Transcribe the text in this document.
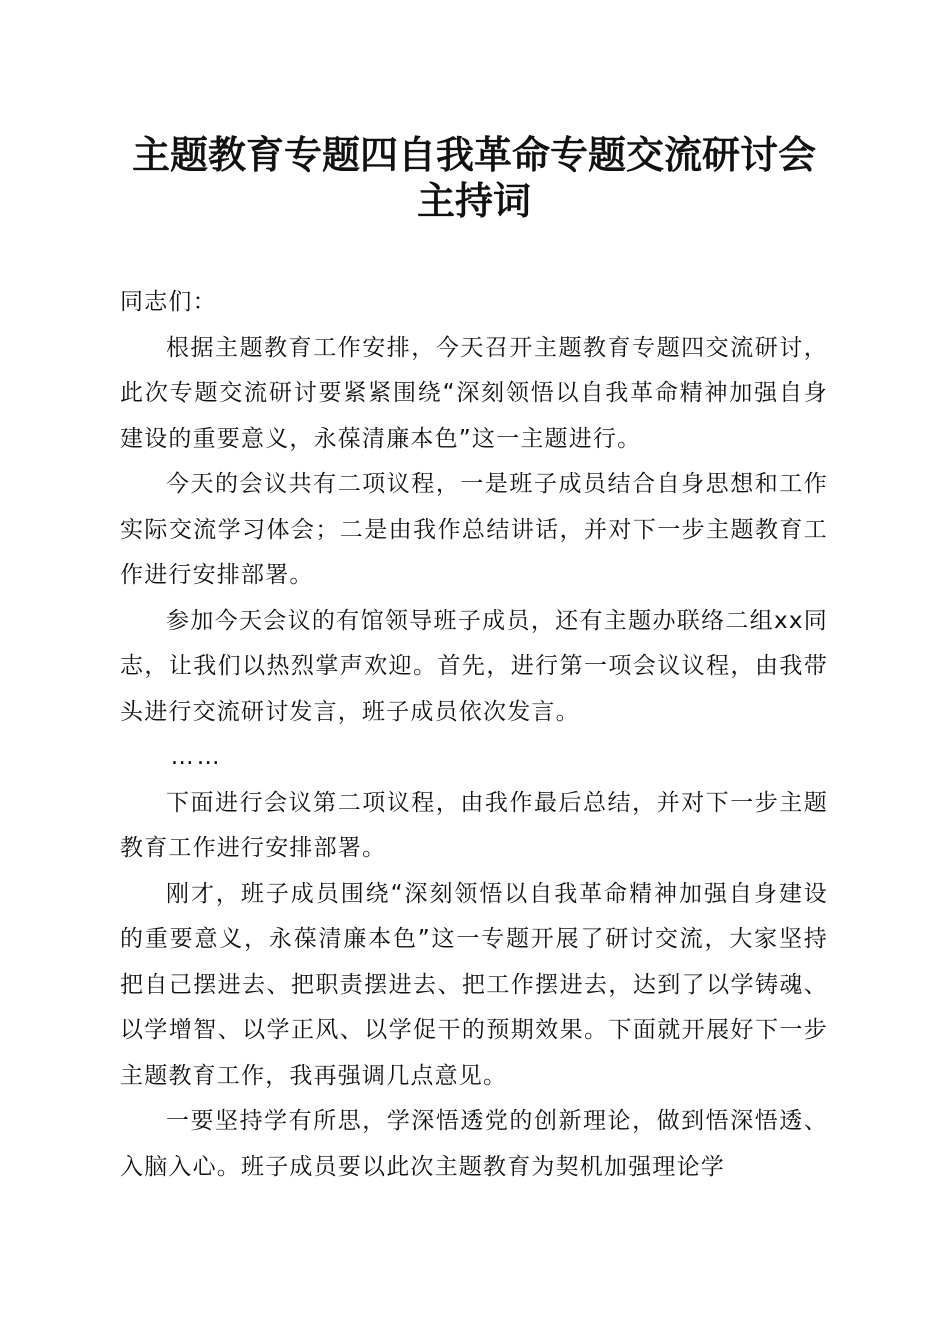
主题教育专题四自我革命专题交流研讨会主持词

同志们：

根据主题教育工作安排，今天召开主题教育专题四交流研讨，此次专题交流研讨要紧紧围绕“深刻领悟以自我革命精神加强自身建设的重要意义，永葆清廉本色”这一主题进行。

今天的会议共有二项议程，一是班子成员结合自身思想和工作实际交流学习体会；二是由我作总结讲话，并对下一步主题教育工作进行安排部署。

参加今天会议的有馆领导班子成员，还有主题办联络二组xx同志，让我们以热烈掌声欢迎。首先，进行第一项会议议程，由我带头进行交流研讨发言，班子成员依次发言。

……

下面进行会议第二项议程，由我作最后总结，并对下一步主题教育工作进行安排部署。

刚才，班子成员围绕“深刻领悟以自我革命精神加强自身建设的重要意义，永葆清廉本色”这一专题开展了研讨交流，大家坚持把自己摆进去、把职责摆进去、把工作摆进去，达到了以学铸魂、以学增智、以学正风、以学促干的预期效果。下面就开展好下一步主题教育工作，我再强调几点意见。

一要坚持学有所思，学深悟透党的创新理论，做到悟深悟透、入脑入心。班子成员要以此次主题教育为契机加强理论学
